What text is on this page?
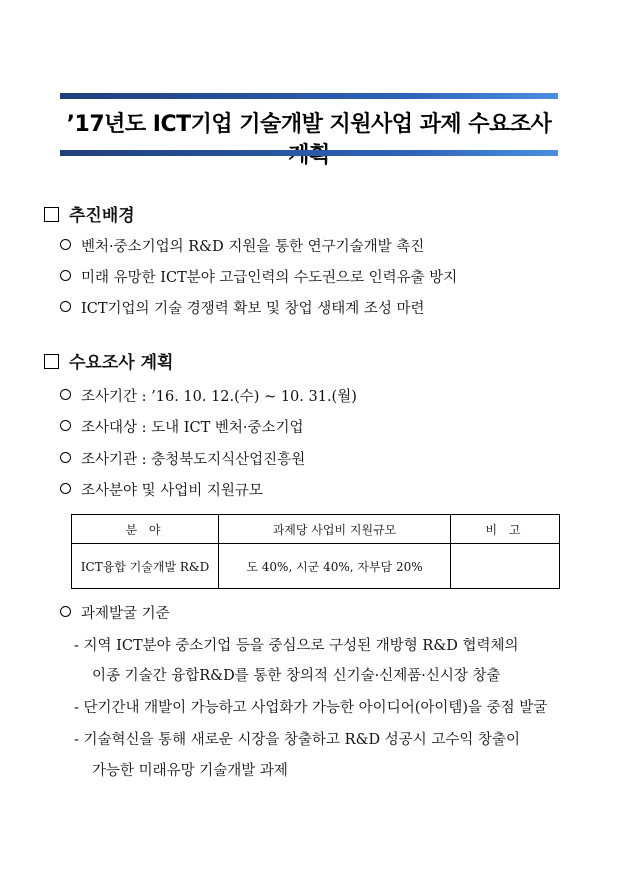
’17년도 ICT기업 기술개발 지원사업 과제 수요조사
추진배경
벤처·중소기업의 R&D 지원을 통한 연구기술개발 촉진
미래 유망한 ICT분야 고급인력의 수도권으로 인력유출 방지
ICT기업의 기술 경쟁력 확보 및 창업 생태계 조성 마련
수요조사 계획
조사기간 : ’16. 10. 12.(수) ~ 10. 31.(월)
조사대상 : 도내 ICT 벤처·중소기업
조사기관 : 충청북도지식산업진흥원
조사분야 및 사업비 지원규모
분 야	과제당 사업비 지원규모	비 고
ICT융합 기술개발 R&D	도 40%, 시군 40%, 자부담 20%	
과제발굴 기준
- 지역 ICT분야 중소기업 등을 중심으로 구성된 개방형 R&D 협력체의
이종 기술간 융합R&D를 통한 창의적 신기술·신제품·신시장 창출
- 단기간내 개발이 가능하고 사업화가 가능한 아이디어(아이템)을 중점 발굴
- 기술혁신을 통해 새로운 시장을 창출하고 R&D 성공시 고수익 창출이
가능한 미래유망 기술개발 과제
